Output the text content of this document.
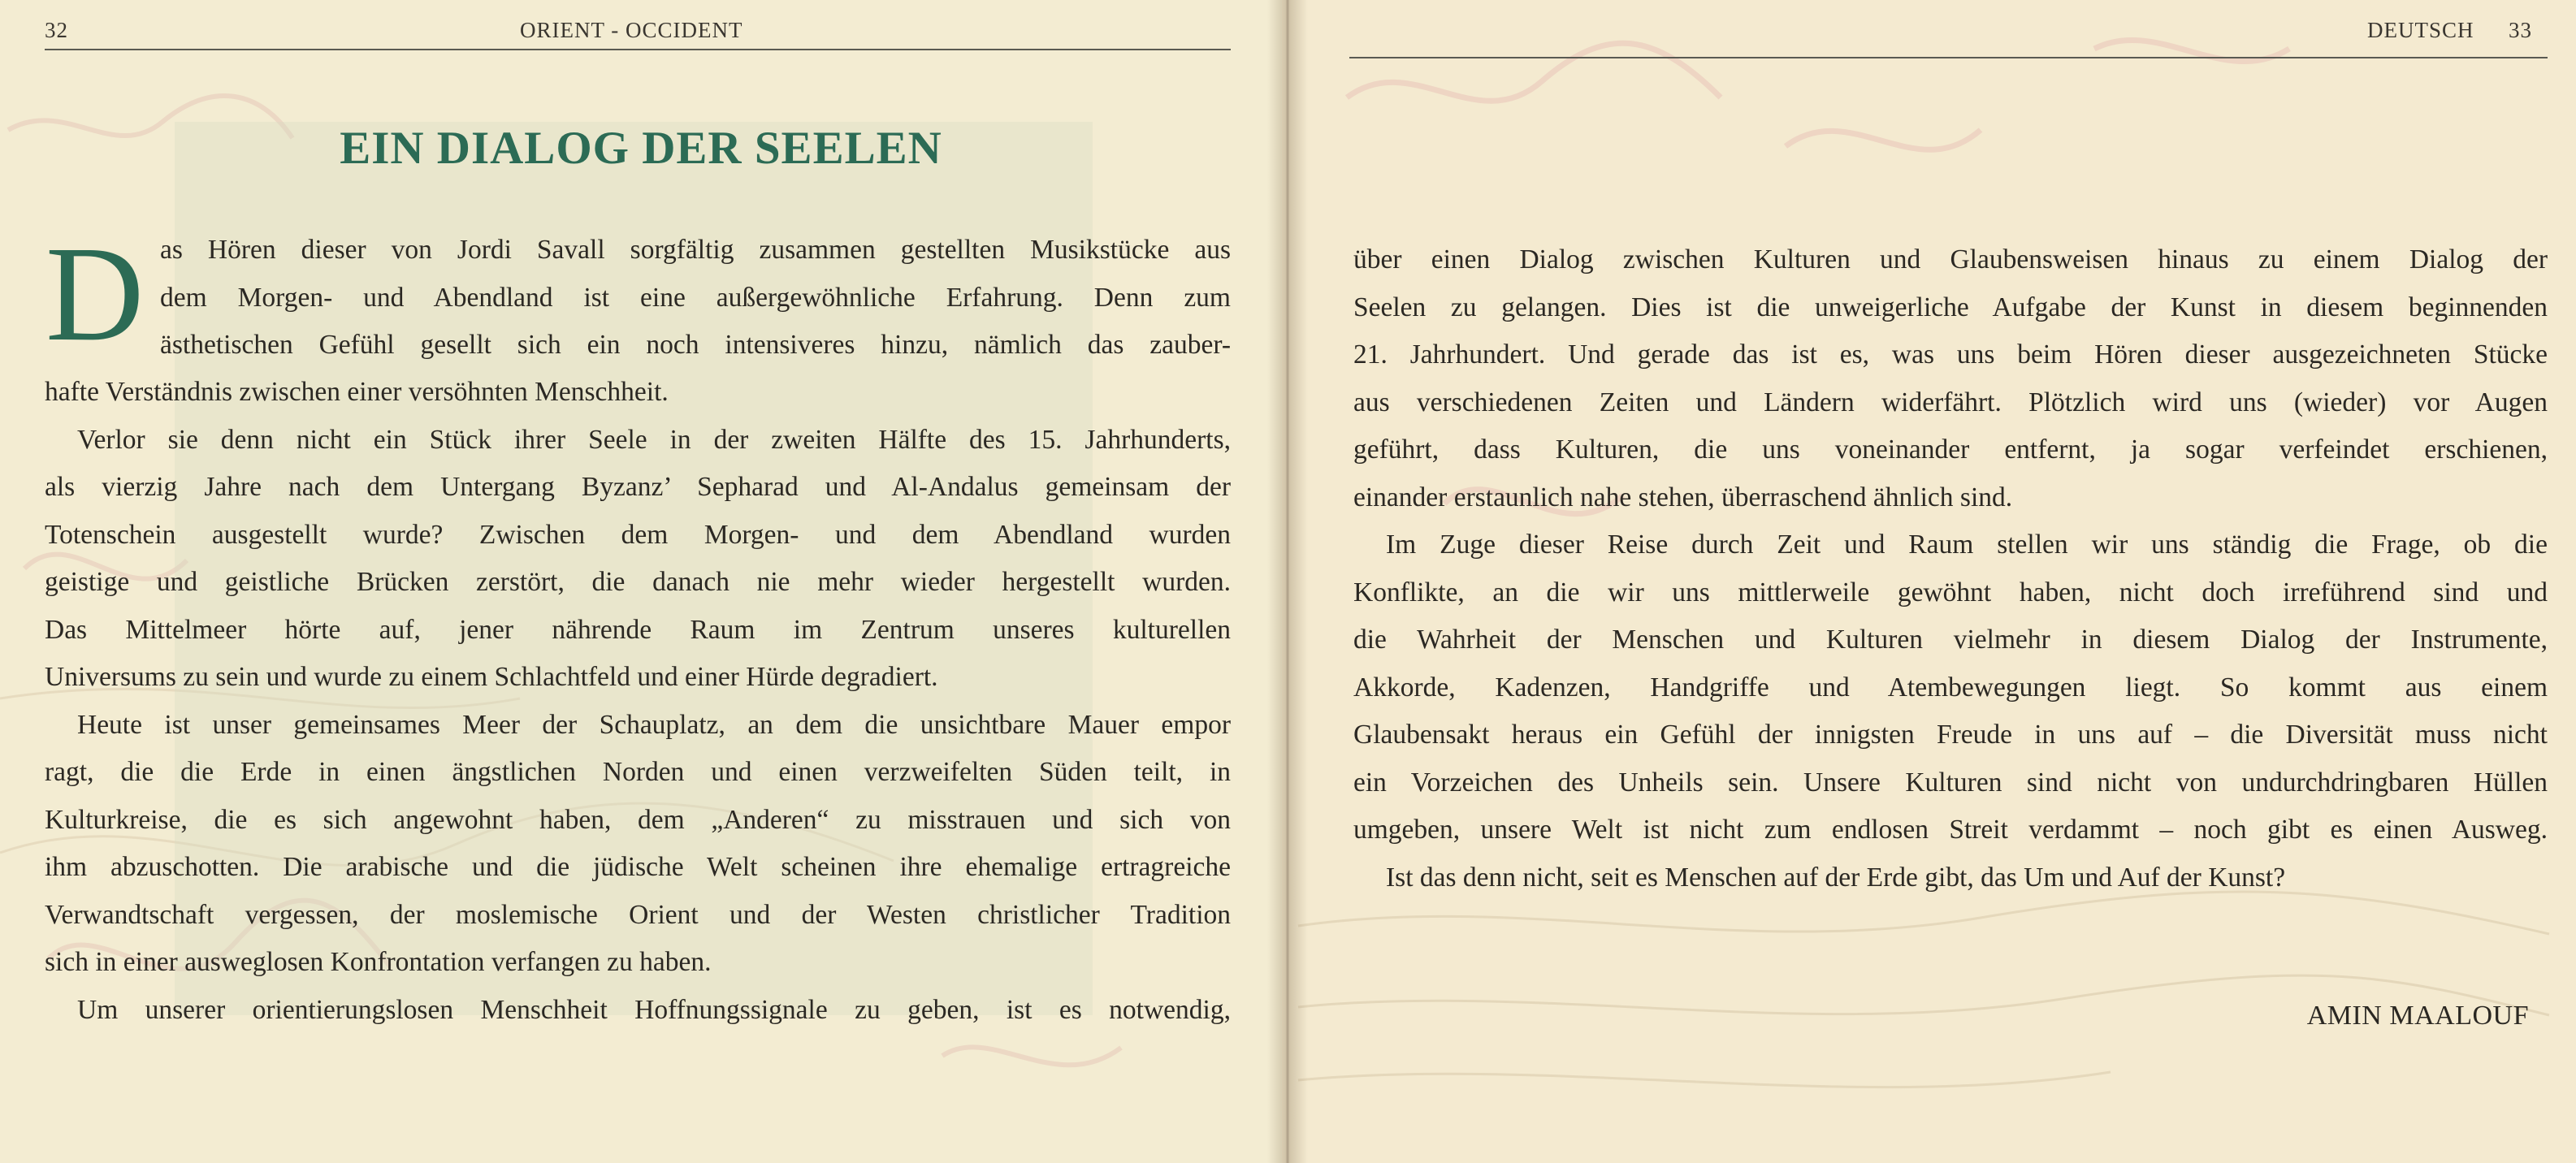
32	ORIENT - OCCIDENT
EIN DIALOG DER SEELEN
D as Hören dieser von Jordi Savall sorgfältig zusammen gestellten Musikstücke aus
dem Morgen- und Abendland ist eine außergewöhnliche Erfahrung. Denn zum
ästhetischen Gefühl gesellt sich ein noch intensiveres hinzu, nämlich das zauber-
hafte Verständnis zwischen einer versöhnten Menschheit.
Verlor sie denn nicht ein Stück ihrer Seele in der zweiten Hälfte des 15. Jahrhunderts,
als vierzig Jahre nach dem Untergang Byzanz’ Sepharad und Al-Andalus gemeinsam der
Totenschein ausgestellt wurde? Zwischen dem Morgen- und dem Abendland wurden
geistige und geistliche Brücken zerstört, die danach nie mehr wieder hergestellt wurden.
Das Mittelmeer hörte auf, jener nährende Raum im Zentrum unseres kulturellen
Universums zu sein und wurde zu einem Schlachtfeld und einer Hürde degradiert.
Heute ist unser gemeinsames Meer der Schauplatz, an dem die unsichtbare Mauer empor
ragt, die die Erde in einen ängstlichen Norden und einen verzweifelten Süden teilt, in
Kulturkreise, die es sich angewohnt haben, dem „Anderen“ zu misstrauen und sich von
ihm abzuschotten. Die arabische und die jüdische Welt scheinen ihre ehemalige ertragreiche
Verwandtschaft vergessen, der moslemische Orient und der Westen christlicher Tradition
sich in einer ausweglosen Konfrontation verfangen zu haben.
Um unserer orientierungslosen Menschheit Hoffnungssignale zu geben, ist es notwendig,
DEUTSCH 33
über einen Dialog zwischen Kulturen und Glaubensweisen hinaus zu einem Dialog der
Seelen zu gelangen. Dies ist die unweigerliche Aufgabe der Kunst in diesem beginnenden
21. Jahrhundert. Und gerade das ist es, was uns beim Hören dieser ausgezeichneten Stücke
aus verschiedenen Zeiten und Ländern widerfährt. Plötzlich wird uns (wieder) vor Augen
geführt, dass Kulturen, die uns voneinander entfernt, ja sogar verfeindet erschienen,
einander erstaunlich nahe stehen, überraschend ähnlich sind.
Im Zuge dieser Reise durch Zeit und Raum stellen wir uns ständig die Frage, ob die
Konflikte, an die wir uns mittlerweile gewöhnt haben, nicht doch irreführend sind und
die Wahrheit der Menschen und Kulturen vielmehr in diesem Dialog der Instrumente,
Akkorde, Kadenzen, Handgriffe und Atembewegungen liegt. So kommt aus einem
Glaubensakt heraus ein Gefühl der innigsten Freude in uns auf – die Diversität muss nicht
ein Vorzeichen des Unheils sein. Unsere Kulturen sind nicht von undurchdringbaren Hüllen
umgeben, unsere Welt ist nicht zum endlosen Streit verdammt – noch gibt es einen Ausweg.
Ist das denn nicht, seit es Menschen auf der Erde gibt, das Um und Auf der Kunst?
AMIN MAALOUF
